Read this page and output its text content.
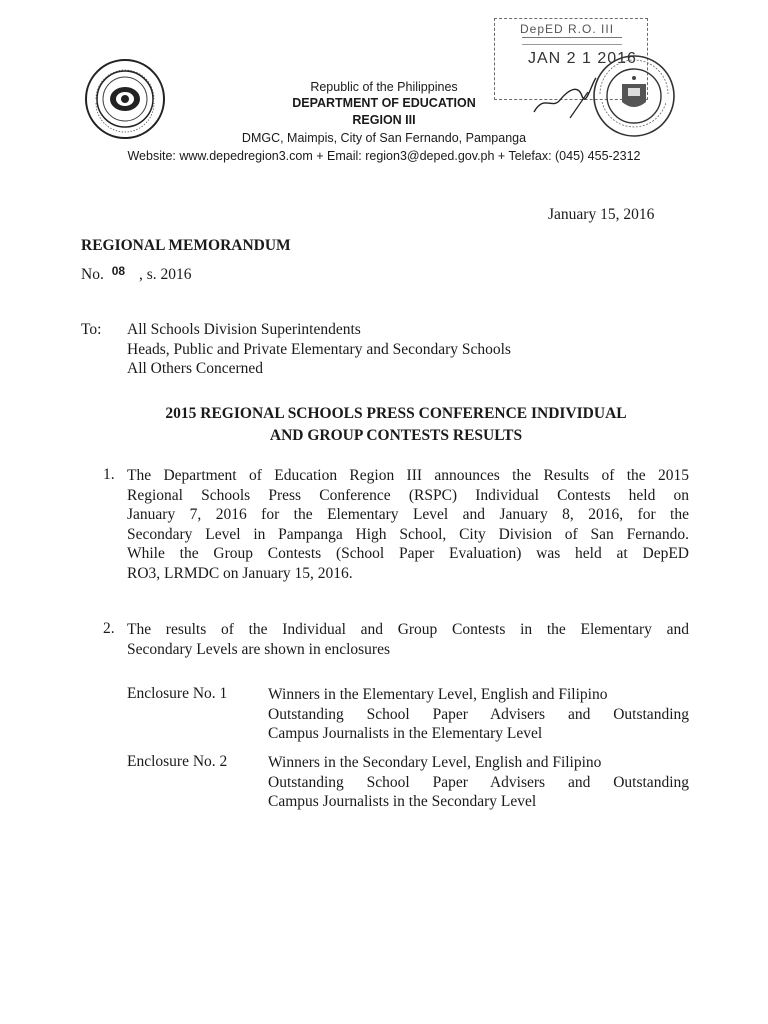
DepED R.O. III
JAN 2 1 2016
Republic of the Philippines
DEPARTMENT OF EDUCATION
REGION III
DMGC, Maimpis, City of San Fernando, Pampanga
Website: www.depedregion3.com + Email: region3@deped.gov.ph + Telefax: (045) 455-2312
January 15, 2016
REGIONAL MEMORANDUM
No. $^{08}$ , s. 2016
To: All Schools Division Superintendents
Heads, Public and Private Elementary and Secondary Schools
All Others Concerned
2015 REGIONAL SCHOOLS PRESS CONFERENCE INDIVIDUAL
AND GROUP CONTESTS RESULTS
1. The Department of Education Region III announces the Results of the 2015
Regional Schools Press Conference (RSPC) Individual Contests held on
January 7, 2016 for the Elementary Level and January 8, 2016, for the
Secondary Level in Pampanga High School, City Division of San Fernando.
While the Group Contests (School Paper Evaluation) was held at DepED
RO3, LRMDC on January 15, 2016.
2. The results of the Individual and Group Contests in the Elementary and
Secondary Levels are shown in enclosures
Enclosure No. 1	Winners in the Elementary Level, English and Filipino
Outstanding School Paper Advisers and Outstanding
Campus Journalists in the Elementary Level
Enclosure No. 2	Winners in the Secondary Level, English and Filipino
Outstanding School Paper Advisers and Outstanding
Campus Journalists in the Secondary Level
